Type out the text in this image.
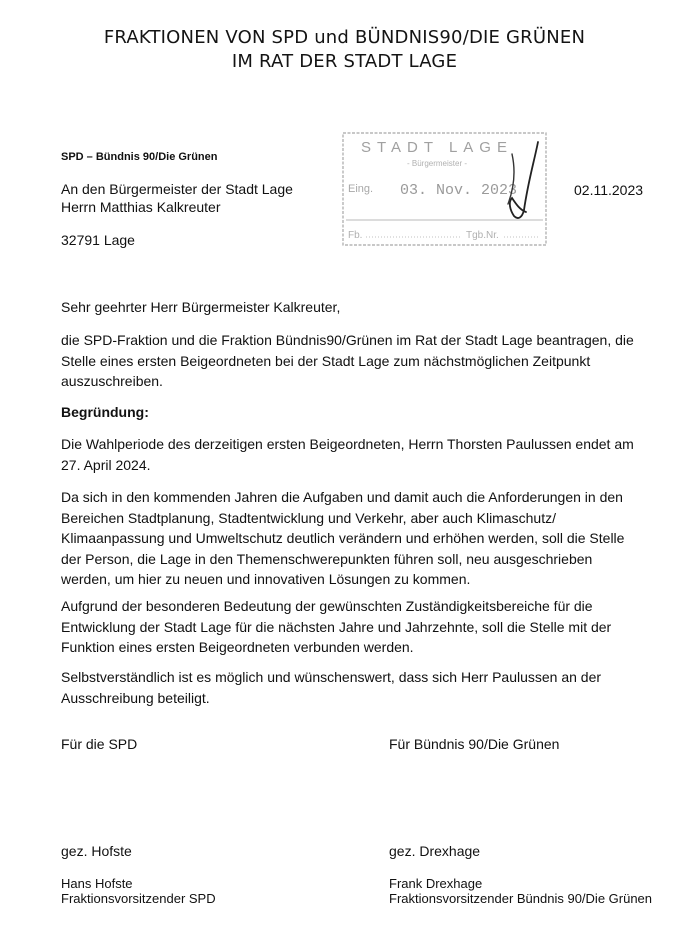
FRAKTIONEN VON SPD und BÜNDNIS90/DIE GRÜNEN
IM RAT DER STADT LAGE
SPD – Bündnis 90/Die Grünen
An den Bürgermeister der Stadt Lage
Herrn Matthias Kalkreuter
32791 Lage
02.11.2023
STADT LAGE
- Bürgermeister -
Eing. 03. Nov. 2023
Fb.	Tgb.Nr.
Sehr geehrter Herr Bürgermeister Kalkreuter,
die SPD-Fraktion und die Fraktion Bündnis90/Grünen im Rat der Stadt Lage beantragen, die
Stelle eines ersten Beigeordneten bei der Stadt Lage zum nächstmöglichen Zeitpunkt
auszuschreiben.
Begründung:
Die Wahlperiode des derzeitigen ersten Beigeordneten, Herrn Thorsten Paulussen endet am
27. April 2024.
Da sich in den kommenden Jahren die Aufgaben und damit auch die Anforderungen in den
Bereichen Stadtplanung, Stadtentwicklung und Verkehr, aber auch Klimaschutz/
Klimaanpassung und Umweltschutz deutlich verändern und erhöhen werden, soll die Stelle
der Person, die Lage in den Themenschwerepunkten führen soll, neu ausgeschrieben
werden, um hier zu neuen und innovativen Lösungen zu kommen.
Aufgrund der besonderen Bedeutung der gewünschten Zuständigkeitsbereiche für die
Entwicklung der Stadt Lage für die nächsten Jahre und Jahrzehnte, soll die Stelle mit der
Funktion eines ersten Beigeordneten verbunden werden.
Selbstverständlich ist es möglich und wünschenswert, dass sich Herr Paulussen an der
Ausschreibung beteiligt.
Für die SPD
gez. Hofste
Hans Hofste
Fraktionsvorsitzender SPD
Für Bündnis 90/Die Grünen
gez. Drexhage
Frank Drexhage
Fraktionsvorsitzender Bündnis 90/Die Grünen
